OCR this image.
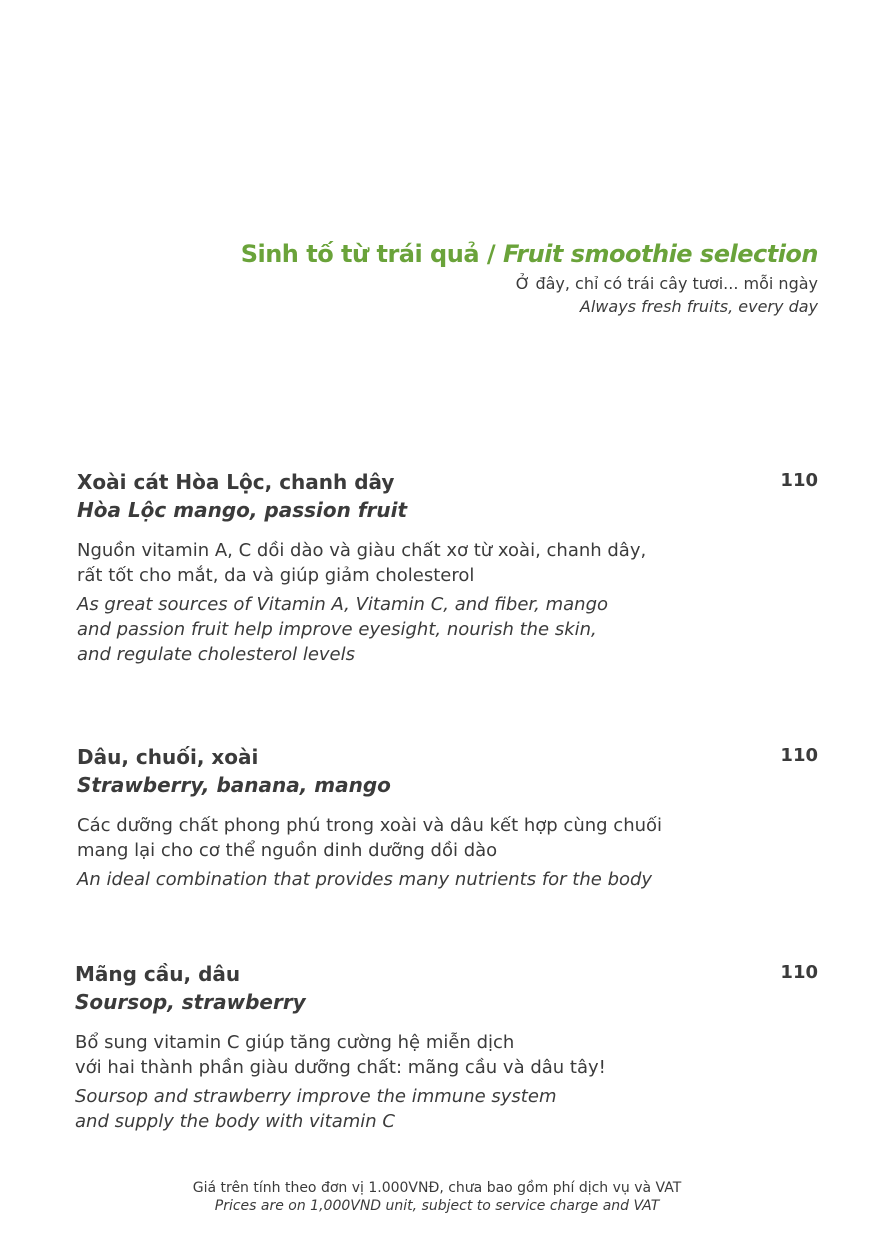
Sinh tố từ trái quả / Fruit smoothie selection
Ở đây, chỉ có trái cây tươi... mỗi ngày
Always fresh fruits, every day
Xoài cát Hòa Lộc, chanh dây
Hòa Lộc mango, passion fruit
110
Nguồn vitamin A, C dồi dào và giàu chất xơ từ xoài, chanh dây,
rất tốt cho mắt, da và giúp giảm cholesterol
As great sources of Vitamin A, Vitamin C, and fiber, mango
and passion fruit help improve eyesight, nourish the skin,
and regulate cholesterol levels
Dâu, chuối, xoài
Strawberry, banana, mango
110
Các dưỡng chất phong phú trong xoài và dâu kết hợp cùng chuối
mang lại cho cơ thể nguồn dinh dưỡng dồi dào
An ideal combination that provides many nutrients for the body
Mãng cầu, dâu
Soursop, strawberry
110
Bổ sung vitamin C giúp tăng cường hệ miễn dịch
với hai thành phần giàu dưỡng chất: mãng cầu và dâu tây!
Soursop and strawberry improve the immune system
and supply the body with vitamin C
Giá trên tính theo đơn vị 1.000VNĐ, chưa bao gồm phí dịch vụ và VAT
Prices are on 1,000VND unit, subject to service charge and VAT
